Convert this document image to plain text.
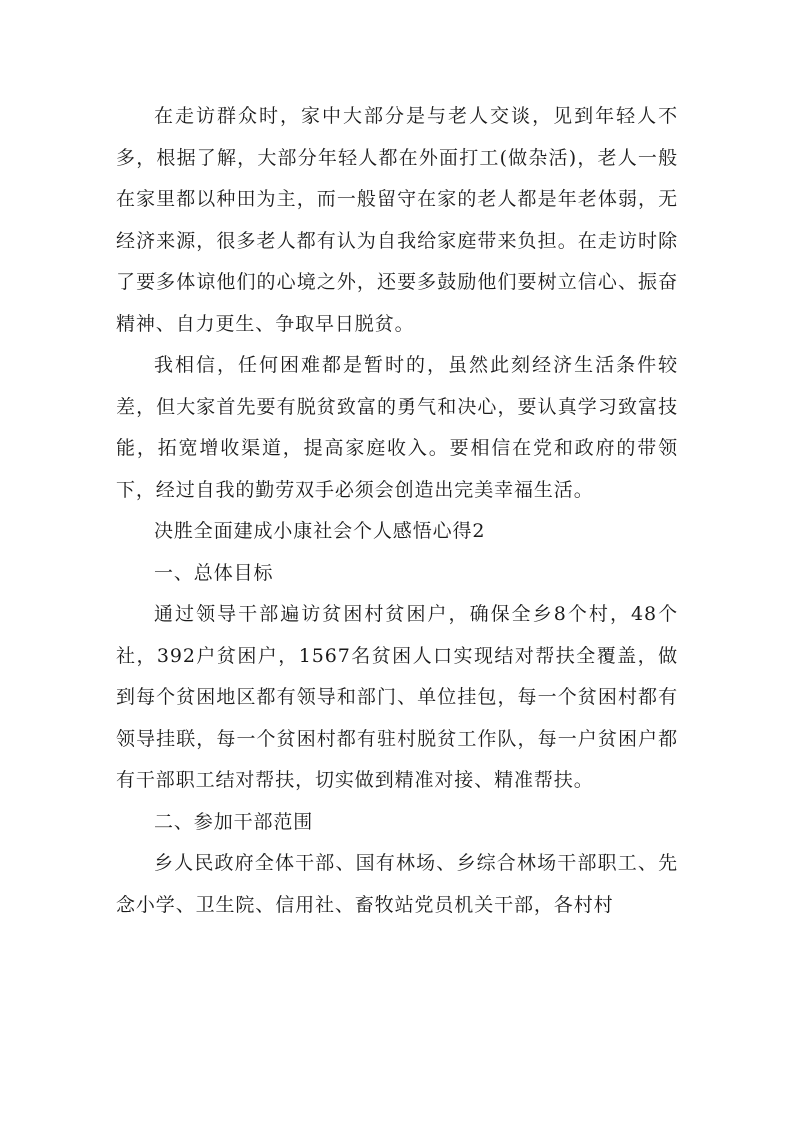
在走访群众时，家中大部分是与老人交谈，见到年轻人不多，根据了解，大部分年轻人都在外面打工(做杂活)，老人一般在家里都以种田为主，而一般留守在家的老人都是年老体弱，无经济来源，很多老人都有认为自我给家庭带来负担。在走访时除了要多体谅他们的心境之外，还要多鼓励他们要树立信心、振奋精神、自力更生、争取早日脱贫。

我相信，任何困难都是暂时的，虽然此刻经济生活条件较差，但大家首先要有脱贫致富的勇气和决心，要认真学习致富技能，拓宽增收渠道，提高家庭收入。要相信在党和政府的带领下，经过自我的勤劳双手必须会创造出完美幸福生活。

决胜全面建成小康社会个人感悟心得2

一、总体目标

通过领导干部遍访贫困村贫困户，确保全乡8个村，48个社，392户贫困户，1567名贫困人口实现结对帮扶全覆盖，做到每个贫困地区都有领导和部门、单位挂包，每一个贫困村都有领导挂联，每一个贫困村都有驻村脱贫工作队，每一户贫困户都有干部职工结对帮扶，切实做到精准对接、精准帮扶。

二、参加干部范围

乡人民政府全体干部、国有林场、乡综合林场干部职工、先念小学、卫生院、信用社、畜牧站党员机关干部，各村村
